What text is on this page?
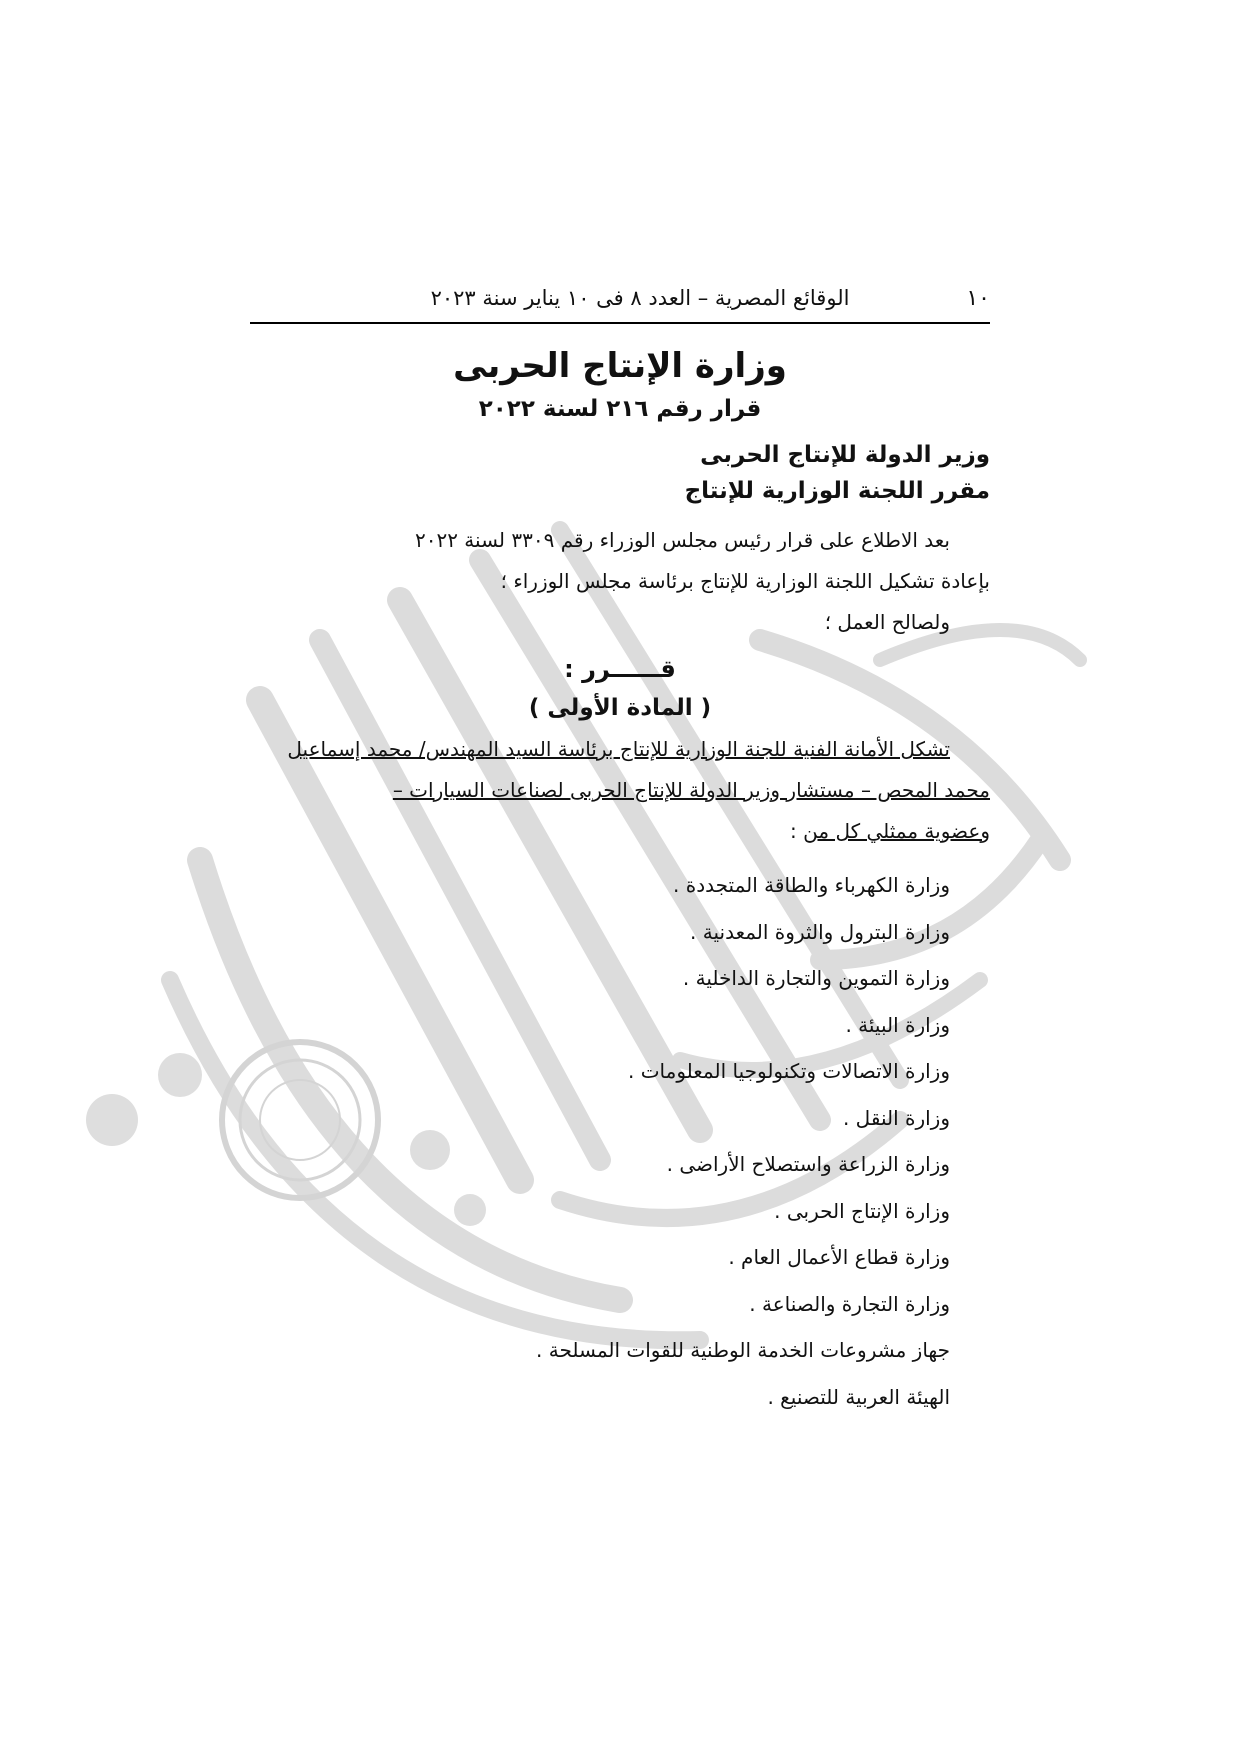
١٠
الوقائع المصرية – العدد ٨ فى ١٠ يناير سنة ٢٠٢٣
وزارة الإنتاج الحربى
قرار رقم ٢١٦ لسنة ٢٠٢٢
وزير الدولة للإنتاج الحربى
مقرر اللجنة الوزارية للإنتاج
بعد الاطلاع على قرار رئيس مجلس الوزراء رقم ٣٣٠٩ لسنة ٢٠٢٢
بإعادة تشكيل اللجنة الوزارية للإنتاج برئاسة مجلس الوزراء ؛
ولصالح العمل ؛
قــــــرر :
( المادة الأولى )
تشكل الأمانة الفنية للجنة الوزارية للإنتاج برئاسة السيد المهندس/ محمد إسماعيل
محمد المحص – مستشار وزير الدولة للإنتاج الحربى لصناعات السيارات –
وعضوية ممثلي كل من :
وزارة الكهرباء والطاقة المتجددة .
وزارة البترول والثروة المعدنية .
وزارة التموين والتجارة الداخلية .
وزارة البيئة .
وزارة الاتصالات وتكنولوجيا المعلومات .
وزارة النقل .
وزارة الزراعة واستصلاح الأراضى .
وزارة الإنتاج الحربى .
وزارة قطاع الأعمال العام .
وزارة التجارة والصناعة .
جهاز مشروعات الخدمة الوطنية للقوات المسلحة .
الهيئة العربية للتصنيع .
